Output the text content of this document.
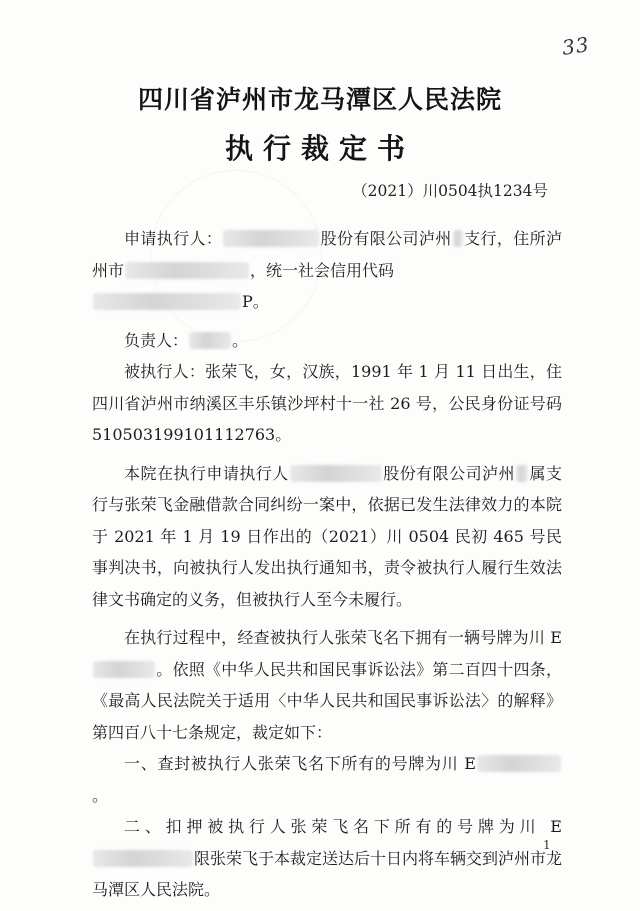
33
四川省泸州市龙马潭区人民法院
执行裁定书
（2021）川0504执1234号

申请执行人：	股份有限公司泸州 支行，住所泸州市	，统一社会信用代码
P。

负责人：	。

被执行人：张荣飞，女，汉族，1991 年 1 月 11 日出生，住四川省泸州市纳溪区丰乐镇沙坪村十一社 26 号，公民身份证号码 510503199101112763。

本院在执行申请执行人	股份有限公司泸州 属支行与张荣飞金融借款合同纠纷一案中，依据已发生法律效力的本院于 2021 年 1 月 19 日作出的（2021）川 0504 民初 465 号民事判决书，向被执行人发出执行通知书，责令被执行人履行生效法律文书确定的义务，但被执行人至今未履行。

在执行过程中，经查被执行人张荣飞名下拥有一辆号牌为川 E。依照《中华人民共和国民事诉讼法》第二百四十四条，《最高人民法院关于适用〈中华人民共和国民事诉讼法〉的解释》第四百八十七条规定，裁定如下：

一、查封被执行人张荣飞名下所有的号牌为川 E。

二、扣押被执行人张荣飞名下所有的号牌为川 E限张荣飞于本裁定送达后十日内将车辆交到泸州市龙马潭区人民法院。

1
